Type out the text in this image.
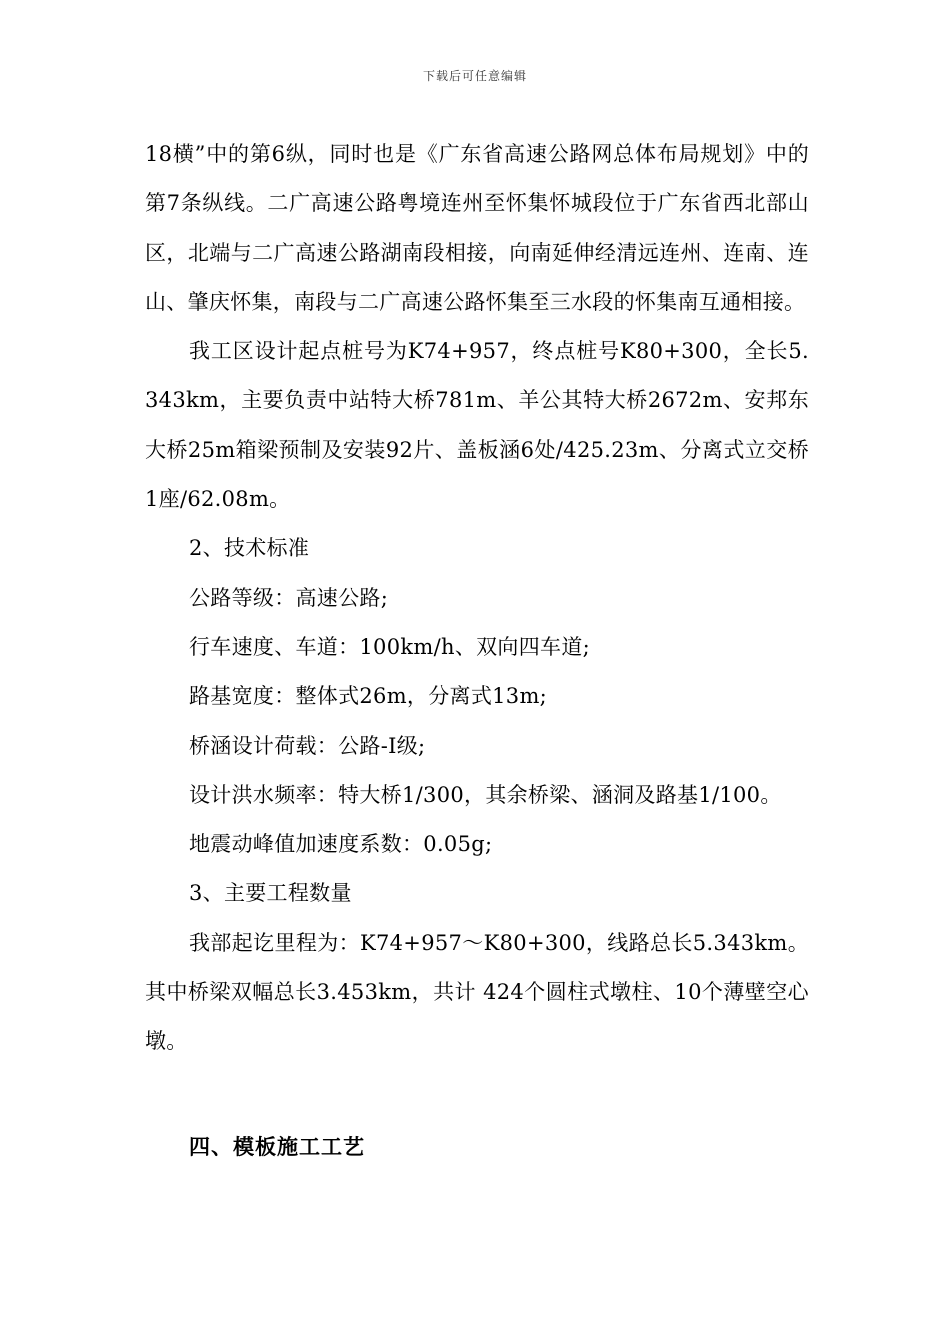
下载后可任意编辑

18横”中的第6纵，同时也是《广东省高速公路网总体布局规划》中的第7条纵线。二广高速公路粤境连州至怀集怀城段位于广东省西北部山区，北端与二广高速公路湖南段相接，向南延伸经清远连州、连南、连山、肇庆怀集，南段与二广高速公路怀集至三水段的怀集南互通相接。

我工区设计起点桩号为K74+957，终点桩号K80+300，全长5.343km，主要负责中站特大桥781m、羊公其特大桥2672m、安邦东大桥25m箱梁预制及安装92片、盖板涵6处/425.23m、分离式立交桥1座/62.08m。

2、技术标准

公路等级：高速公路;

行车速度、车道：100km/h、双向四车道;

路基宽度：整体式26m，分离式13m;

桥涵设计荷载：公路-Ⅰ级;

设计洪水频率：特大桥1/300，其余桥梁、涵洞及路基1/100。

地震动峰值加速度系数：0.05g;

3、主要工程数量

我部起讫里程为：K74+957～K80+300，线路总长5.343km。其中桥梁双幅总长3.453km，共计 424个圆柱式墩柱、10个薄壁空心墩。

四、模板施工工艺
